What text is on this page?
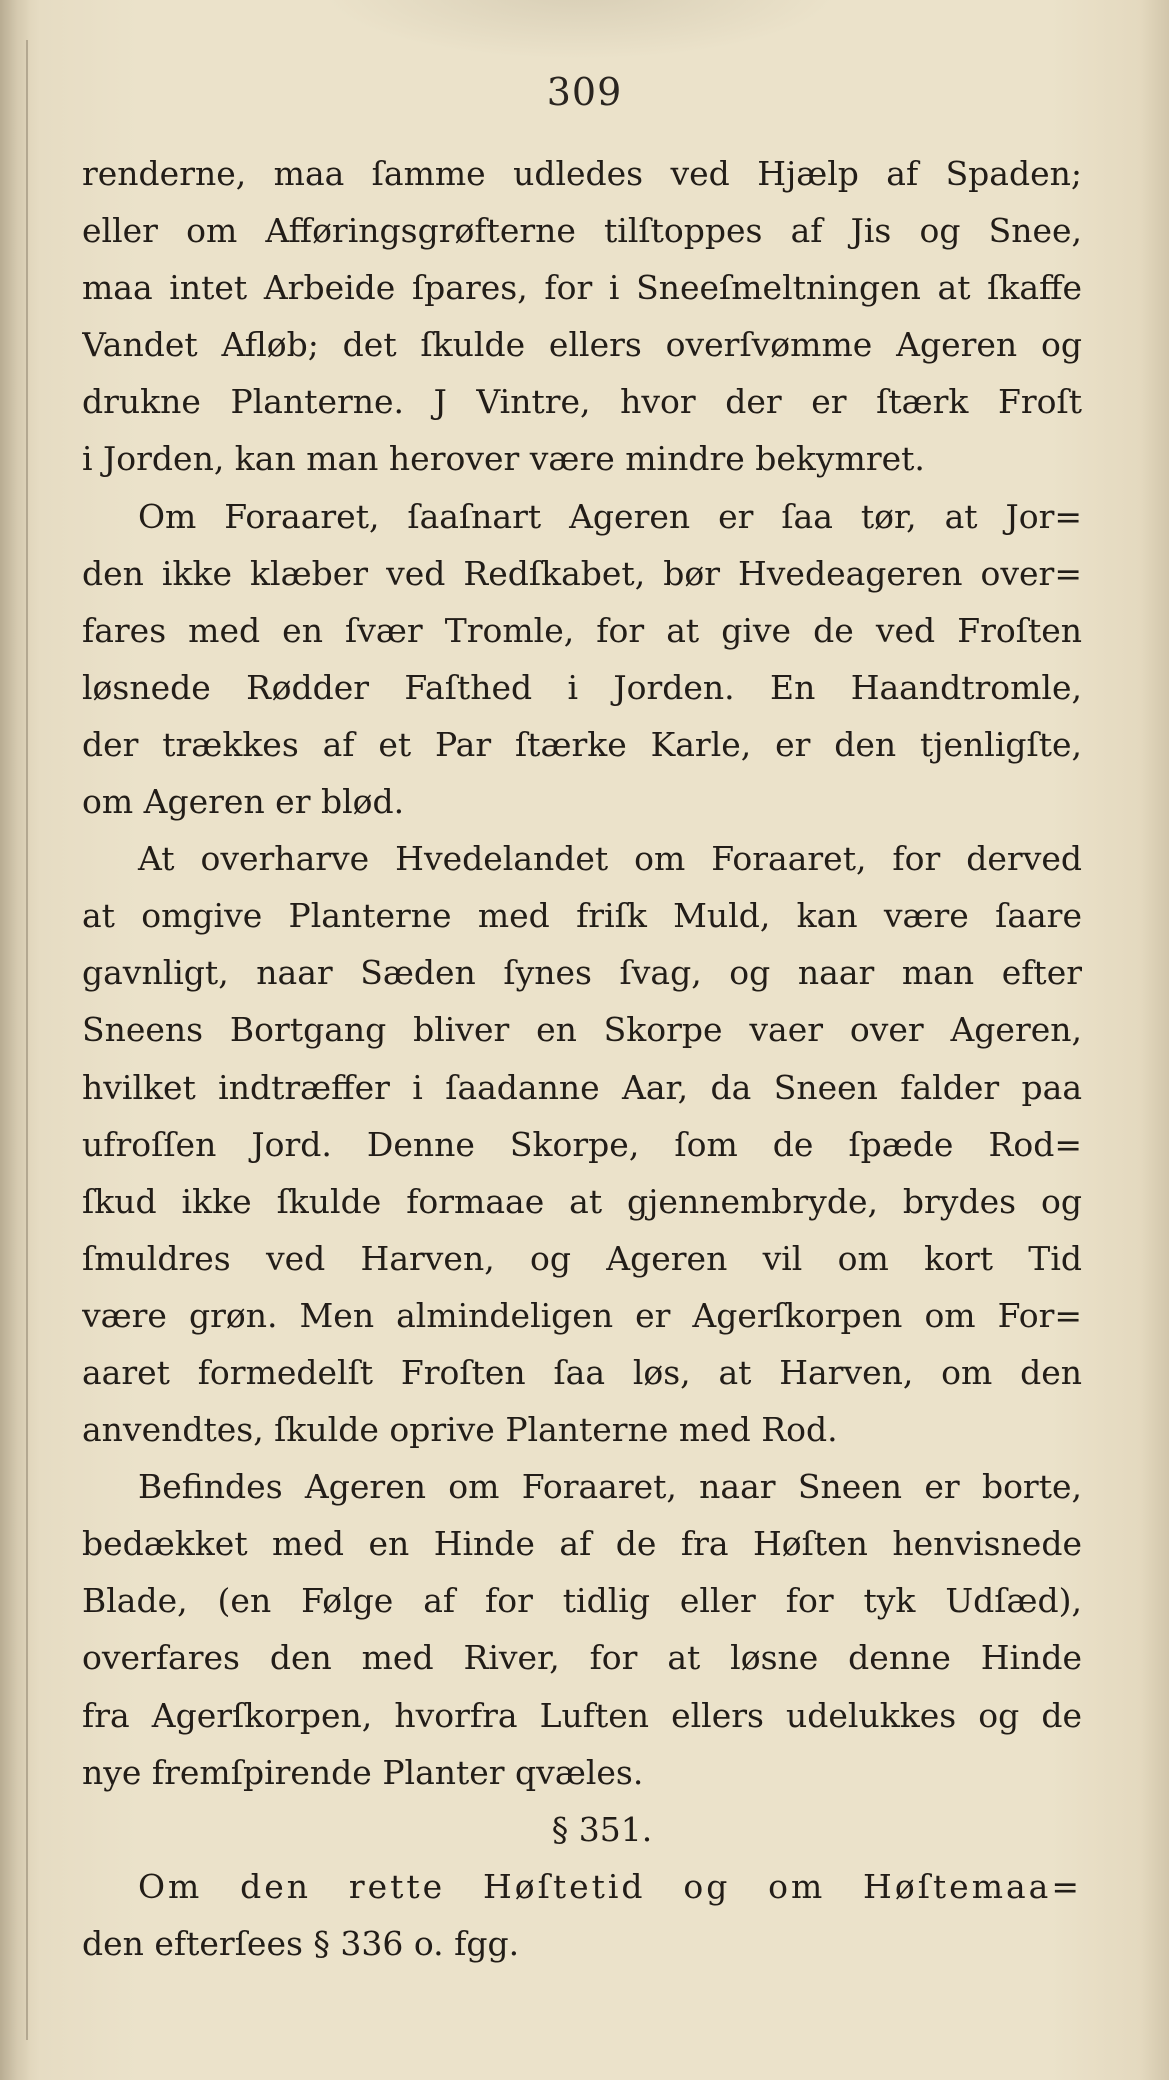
309
renderne, maa ſamme udledes ved Hjælp af Spaden;
eller om Afføringsgrøfterne tilſtoppes af Jis og Snee,
maa intet Arbeide ſpares, for i Sneeſmeltningen at ſkaffe
Vandet Afløb; det ſkulde ellers overſvømme Ageren og
drukne Planterne. J Vintre, hvor der er ſtærk Froſt
i Jorden, kan man herover være mindre bekymret.
Om Foraaret, ſaaſnart Ageren er ſaa tør, at Jor=
den ikke klæber ved Redſkabet, bør Hvedeageren over=
fares med en ſvær Tromle, for at give de ved Froſten
løsnede Rødder Faſthed i Jorden. En Haandtromle,
der trækkes af et Par ſtærke Karle, er den tjenligſte,
om Ageren er blød.
At overharve Hvedelandet om Foraaret, for derved
at omgive Planterne med friſk Muld, kan være ſaare
gavnligt, naar Sæden ſynes ſvag, og naar man efter
Sneens Bortgang bliver en Skorpe vaer over Ageren,
hvilket indtræffer i ſaadanne Aar, da Sneen falder paa
ufroſſen Jord. Denne Skorpe, ſom de ſpæde Rod=
ſkud ikke ſkulde formaae at gjennembryde, brydes og
ſmuldres ved Harven, og Ageren vil om kort Tid
være grøn. Men almindeligen er Agerſkorpen om For=
aaret formedelſt Froſten ſaa løs, at Harven, om den
anvendtes, ſkulde oprive Planterne med Rod.
Befindes Ageren om Foraaret, naar Sneen er borte,
bedækket med en Hinde af de fra Høſten henvisnede
Blade, (en Følge af for tidlig eller for tyk Udſæd),
overfares den med River, for at løsne denne Hinde
fra Agerſkorpen, hvorfra Luften ellers udelukkes og de
nye fremſpirende Planter qvæles.
§ 351.
Om den rette Høſtetid og om Høſtemaa=
den efterſees § 336 o. fgg.
